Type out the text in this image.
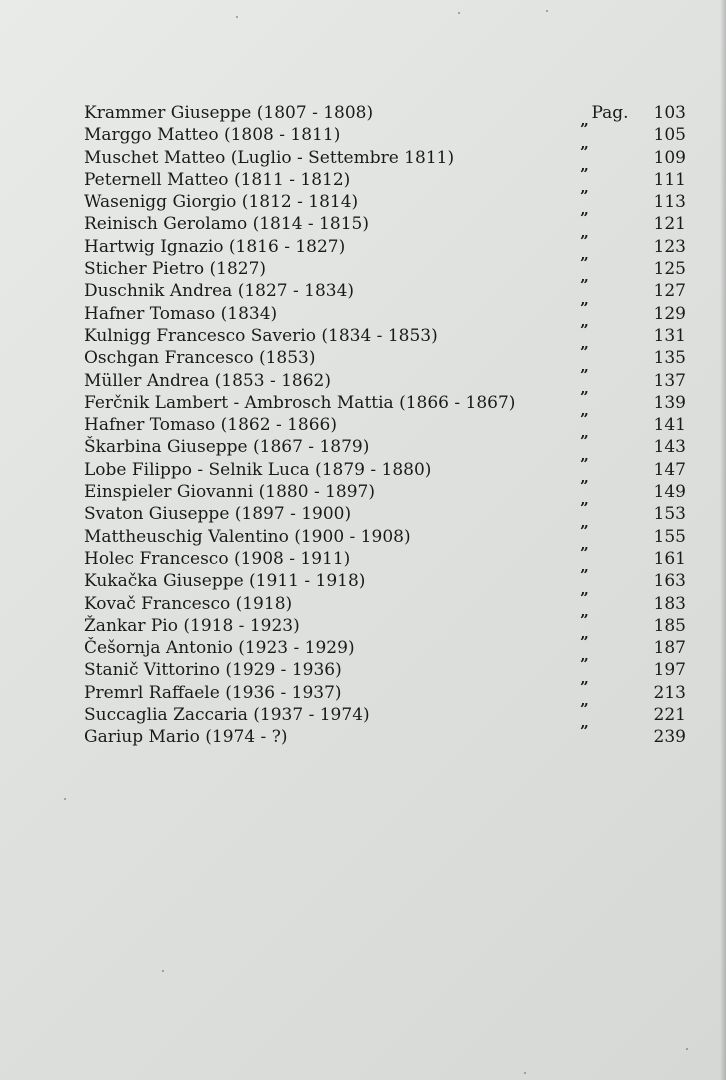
Krammer Giuseppe (1807 - 1808)	Pag.	103
Marggo Matteo (1808 - 1811)	”	105
Muschet Matteo (Luglio - Settembre 1811)	”	109
Peternell Matteo (1811 - 1812)	”	111
Wasenigg Giorgio (1812 - 1814)	”	113
Reinisch Gerolamo (1814 - 1815)	”	121
Hartwig Ignazio (1816 - 1827)	”	123
Sticher Pietro (1827)	”	125
Duschnik Andrea (1827 - 1834)	”	127
Hafner Tomaso (1834)	”	129
Kulnigg Francesco Saverio (1834 - 1853)	”	131
Oschgan Francesco (1853)	”	135
Müller Andrea (1853 - 1862)	”	137
Ferčnik Lambert - Ambrosch Mattia (1866 - 1867)	”	139
Hafner Tomaso (1862 - 1866)	”	141
Škarbina Giuseppe (1867 - 1879)	”	143
Lobe Filippo - Selnik Luca (1879 - 1880)	”	147
Einspieler Giovanni (1880 - 1897)	”	149
Svaton Giuseppe (1897 - 1900)	”	153
Mattheuschig Valentino (1900 - 1908)	”	155
Holec Francesco (1908 - 1911)	”	161
Kukačka Giuseppe (1911 - 1918)	”	163
Kovač Francesco (1918)	”	183
Žankar Pio (1918 - 1923)	”	185
Češornja Antonio (1923 - 1929)	”	187
Stanič Vittorino (1929 - 1936)	”	197
Premrl Raffaele (1936 - 1937)	”	213
Succaglia Zaccaria (1937 - 1974)	”	221
Gariup Mario (1974 - ?)	”	239
